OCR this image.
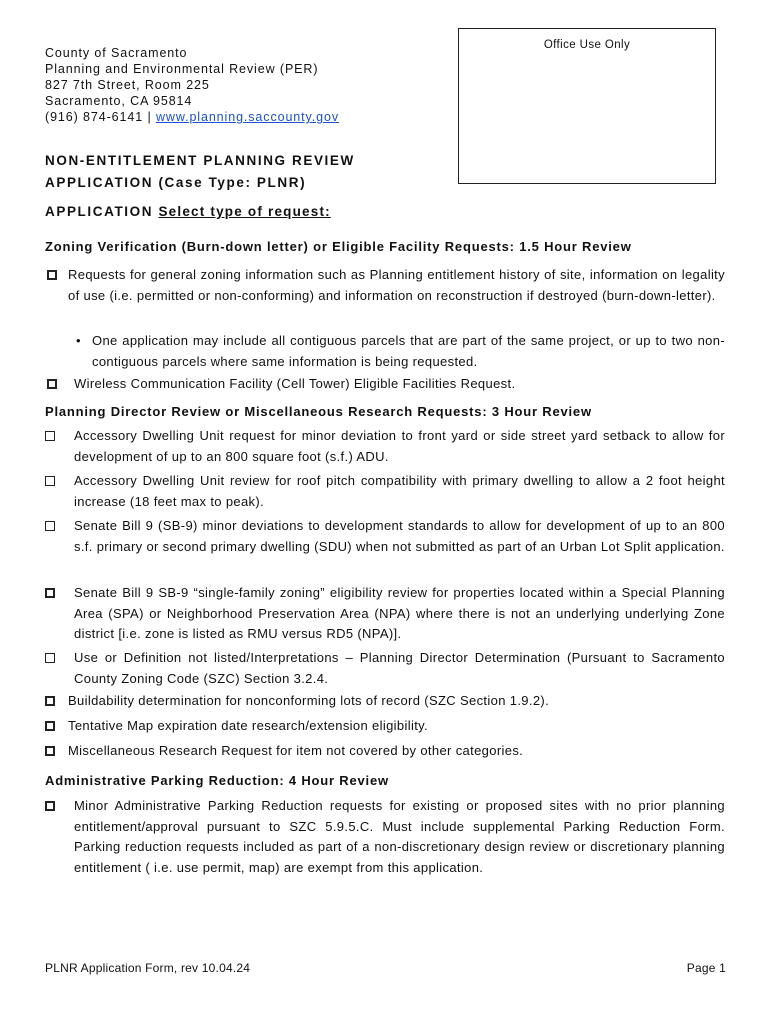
County of Sacramento
Planning and Environmental Review (PER)
827 7th Street, Room 225
Sacramento, CA 95814
(916) 874-6141 | www.planning.saccounty.gov
Office Use Only
NON-ENTITLEMENT PLANNING REVIEW
APPLICATION (Case Type: PLNR)
APPLICATION Select type of request:
Zoning Verification (Burn-down letter) or Eligible Facility Requests: 1.5 Hour Review
Requests for general zoning information such as Planning entitlement history of site, information on legality of use (i.e. permitted or non-conforming) and information on reconstruction if destroyed (burn-down-letter).
• One application may include all contiguous parcels that are part of the same project, or up to two non-contiguous parcels where same information is being requested.
Wireless Communication Facility (Cell Tower) Eligible Facilities Request.
Planning Director Review or Miscellaneous Research Requests: 3 Hour Review
Accessory Dwelling Unit request for minor deviation to front yard or side street yard setback to allow for development of up to an 800 square foot (s.f.) ADU.
Accessory Dwelling Unit review for roof pitch compatibility with primary dwelling to allow a 2 foot height increase (18 feet max to peak).
Senate Bill 9 (SB-9) minor deviations to development standards to allow for development of up to an 800 s.f. primary or second primary dwelling (SDU) when not submitted as part of an Urban Lot Split application.
Senate Bill 9 SB-9 “single-family zoning” eligibility review for properties located within a Special Planning Area (SPA) or Neighborhood Preservation Area (NPA) where there is not an underlying underlying Zone district [i.e. zone is listed as RMU versus RD5 (NPA)].
Use or Definition not listed/Interpretations – Planning Director Determination (Pursuant to Sacramento County Zoning Code (SZC) Section 3.2.4.
Buildability determination for nonconforming lots of record (SZC Section 1.9.2).
Tentative Map expiration date research/extension eligibility.
Miscellaneous Research Request for item not covered by other categories.
Administrative Parking Reduction: 4 Hour Review
Minor Administrative Parking Reduction requests for existing or proposed sites with no prior planning entitlement/approval pursuant to SZC 5.9.5.C. Must include supplemental Parking Reduction Form. Parking reduction requests included as part of a non-discretionary design review or discretionary planning entitlement ( i.e. use permit, map) are exempt from this application.
PLNR Application Form, rev 10.04.24	Page 1
